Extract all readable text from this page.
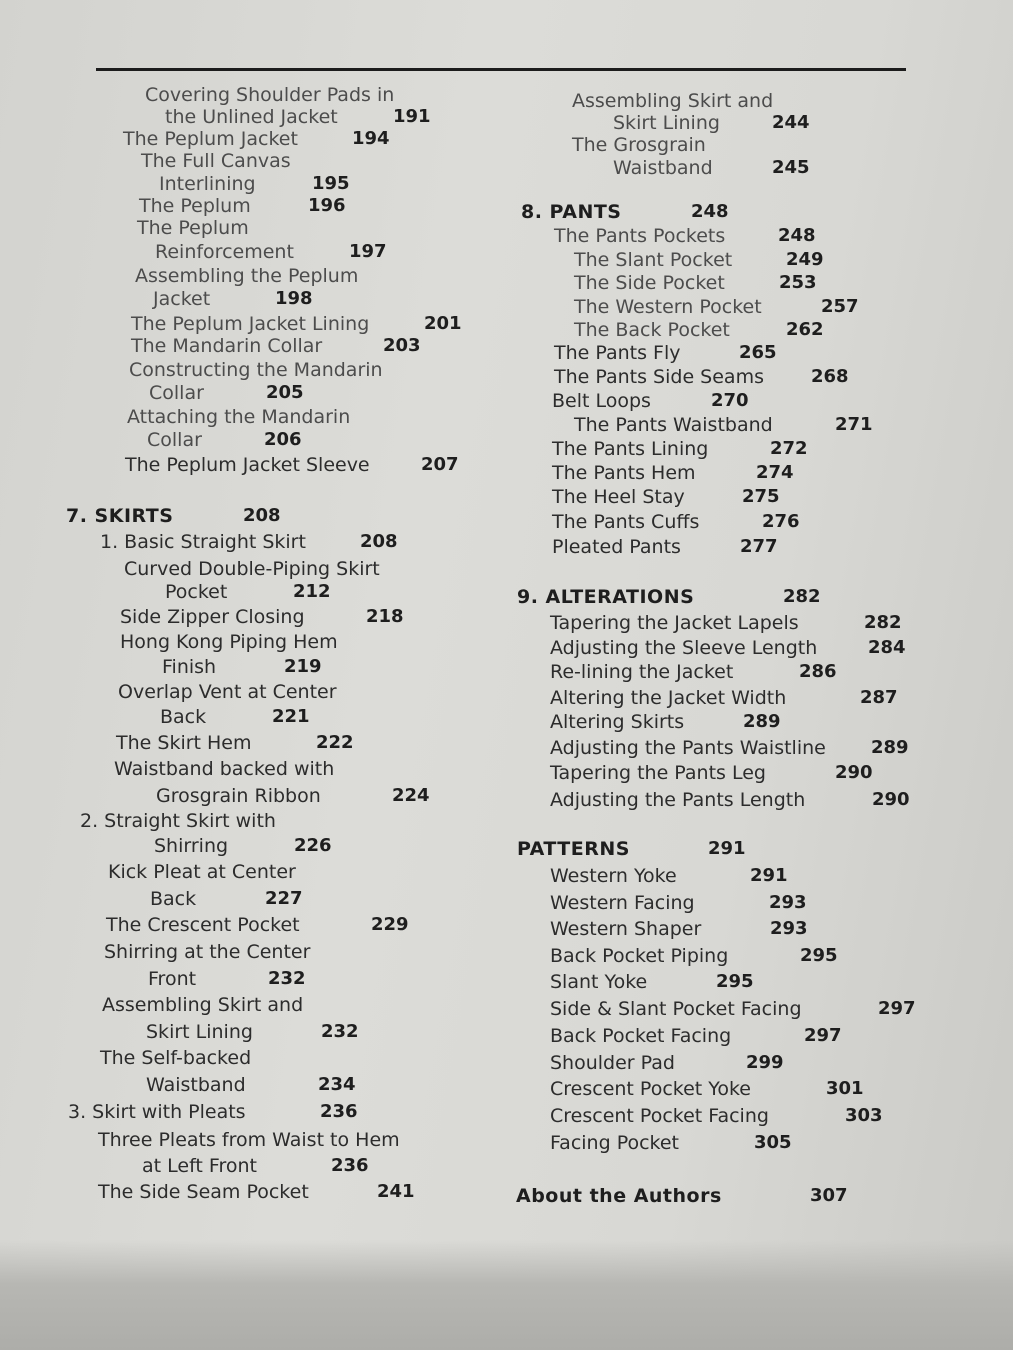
Covering Shoulder Pads in
the Unlined Jacket	191
The Peplum Jacket	194
The Full Canvas
Interlining	195
The Peplum	196
The Peplum
Reinforcement	197
Assembling the Peplum
Jacket	198
The Peplum Jacket Lining	201
The Mandarin Collar	203
Constructing the Mandarin
Collar	205
Attaching the Mandarin
Collar	206
The Peplum Jacket Sleeve	207
7. SKIRTS	208
1. Basic Straight Skirt	208
Curved Double-Piping Skirt
Pocket	212
Side Zipper Closing	218
Hong Kong Piping Hem
Finish	219
Overlap Vent at Center
Back	221
The Skirt Hem	222
Waistband backed with
Grosgrain Ribbon	224
2. Straight Skirt with
Shirring	226
Kick Pleat at Center
Back	227
The Crescent Pocket	229
Shirring at the Center
Front	232
Assembling Skirt and
Skirt Lining	232
The Self-backed
Waistband	234
3. Skirt with Pleats	236
Three Pleats from Waist to Hem
at Left Front	236
The Side Seam Pocket	241
Assembling Skirt and
Skirt Lining	244
The Grosgrain
Waistband	245
8. PANTS	248
The Pants Pockets	248
The Slant Pocket	249
The Side Pocket	253
The Western Pocket	257
The Back Pocket	262
The Pants Fly	265
The Pants Side Seams	268
Belt Loops	270
The Pants Waistband	271
The Pants Lining	272
The Pants Hem	274
The Heel Stay	275
The Pants Cuffs	276
Pleated Pants	277
9. ALTERATIONS	282
Tapering the Jacket Lapels	282
Adjusting the Sleeve Length	284
Re-lining the Jacket	286
Altering the Jacket Width	287
Altering Skirts	289
Adjusting the Pants Waistline	289
Tapering the Pants Leg	290
Adjusting the Pants Length	290
PATTERNS	291
Western Yoke	291
Western Facing	293
Western Shaper	293
Back Pocket Piping	295
Slant Yoke	295
Side & Slant Pocket Facing	297
Back Pocket Facing	297
Shoulder Pad	299
Crescent Pocket Yoke	301
Crescent Pocket Facing	303
Facing Pocket	305
About the Authors	307
